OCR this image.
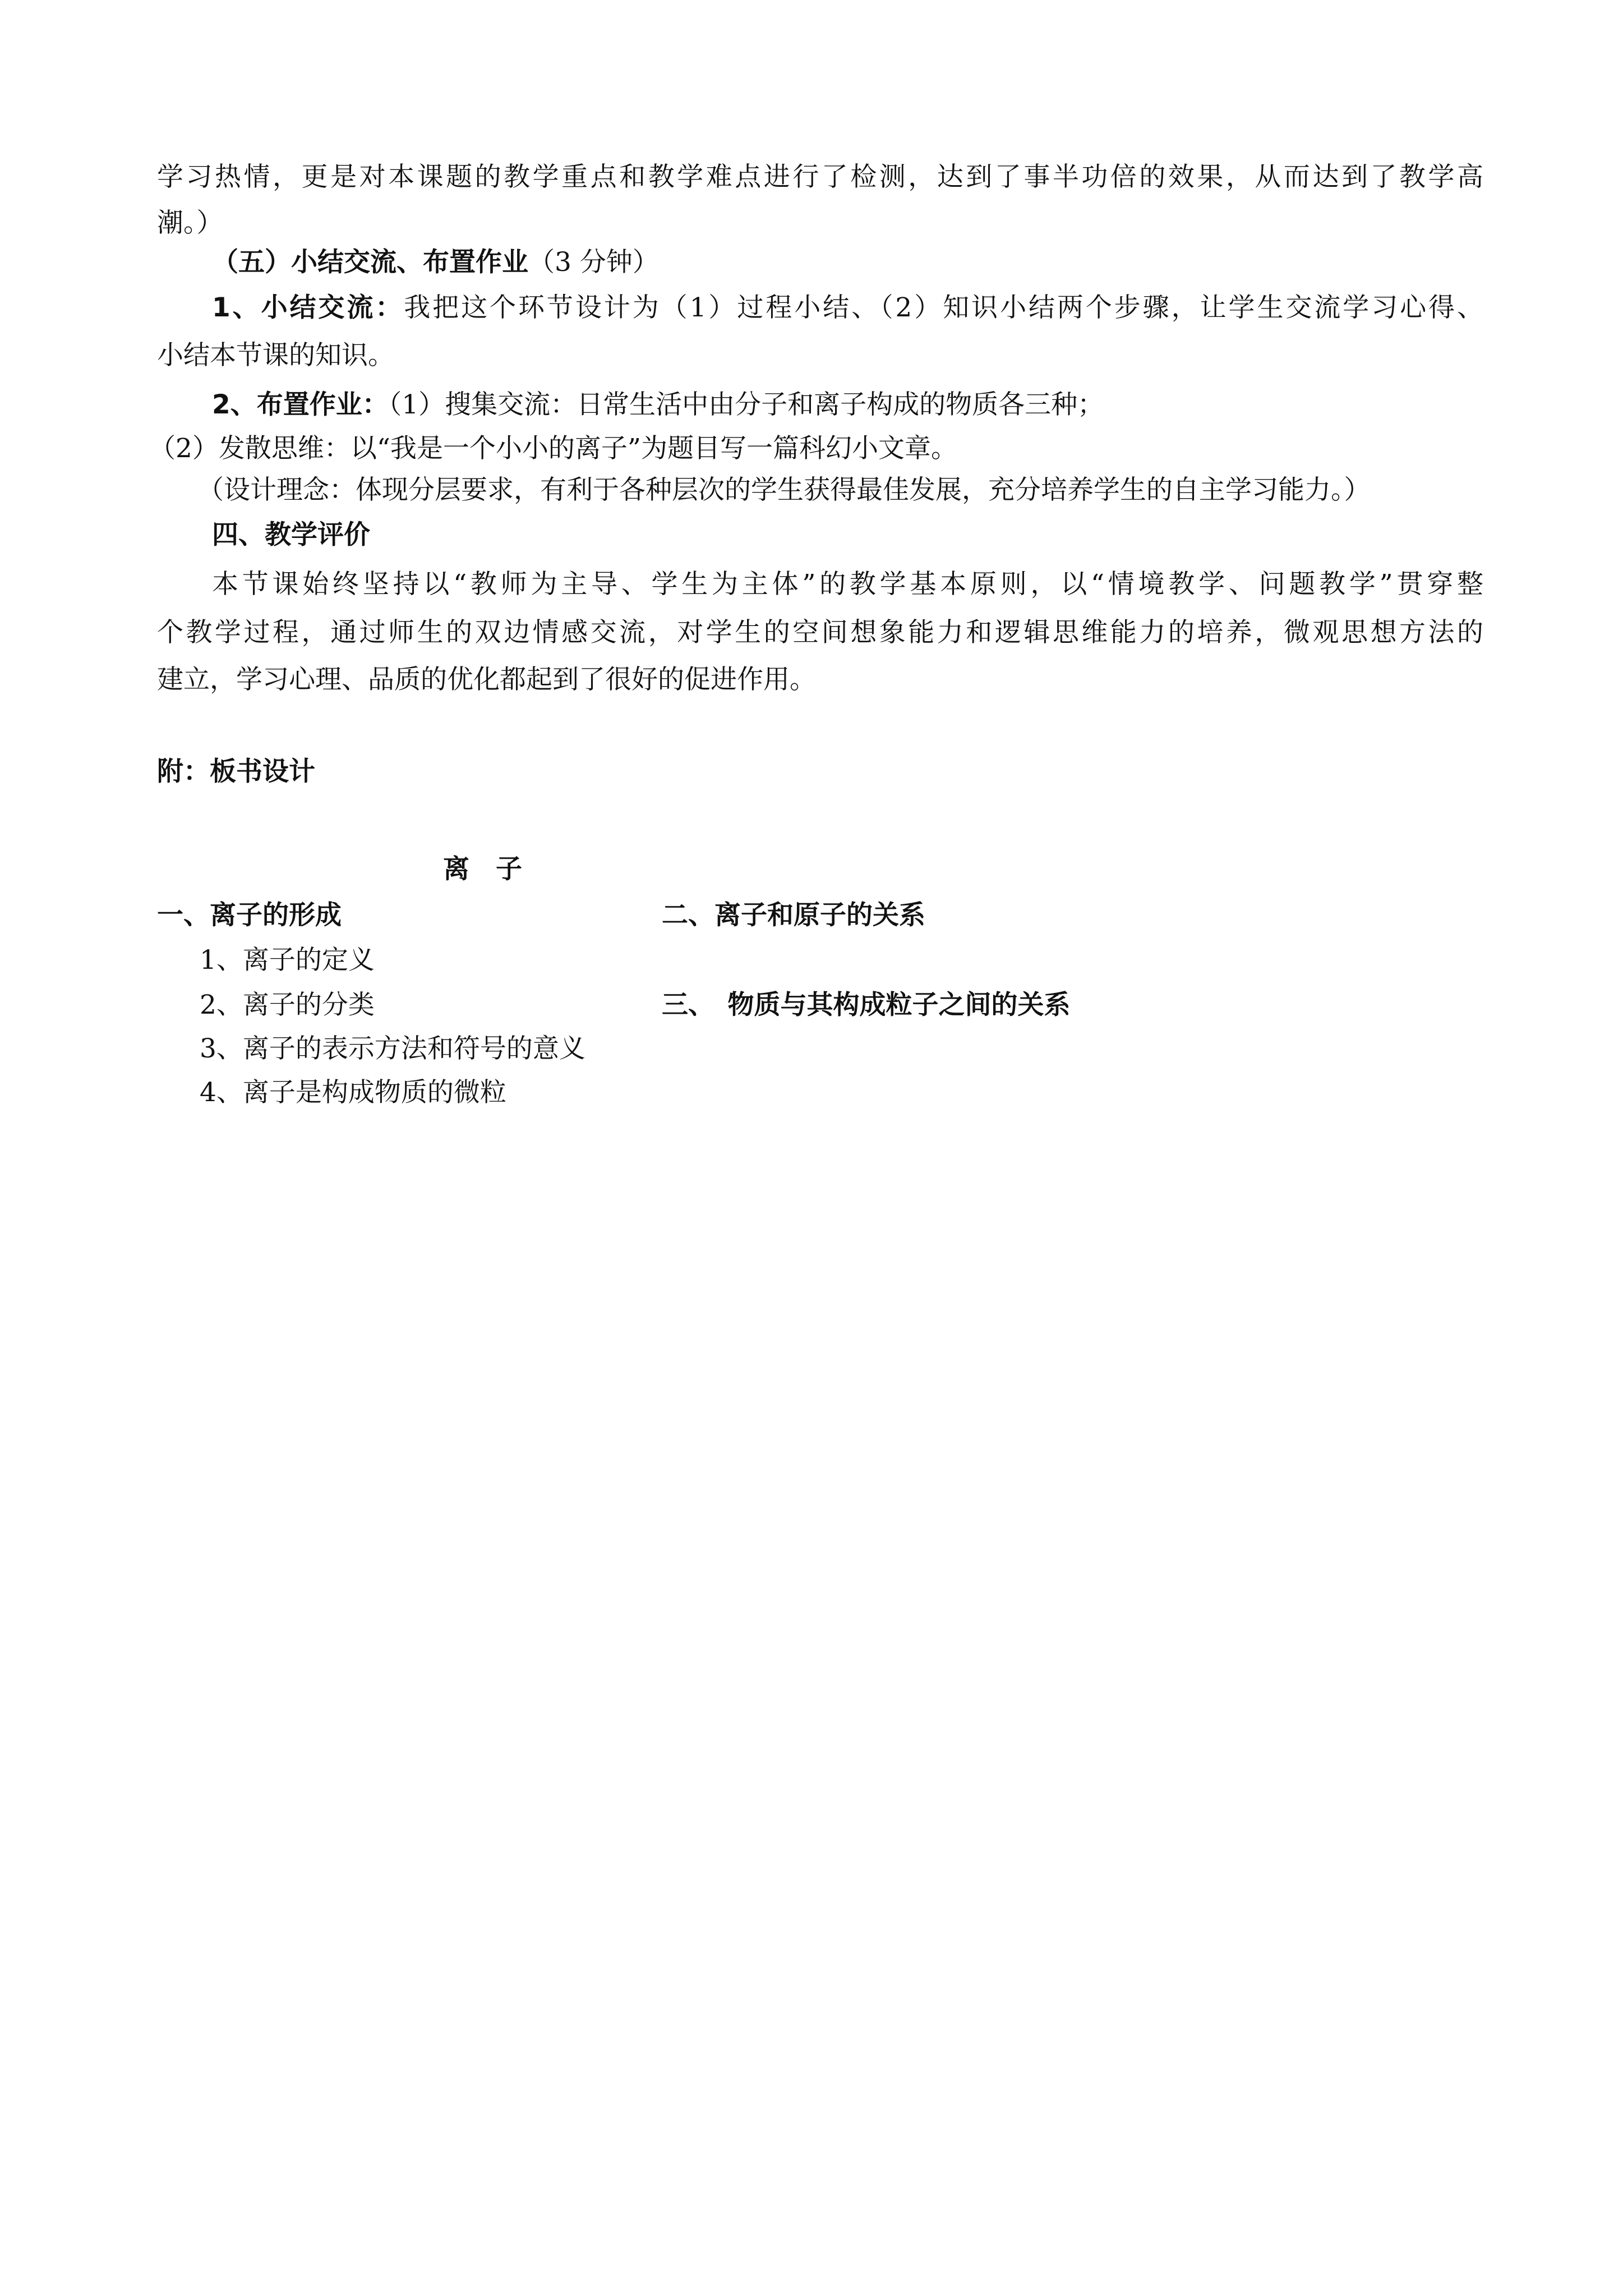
学习热情，更是对本课题的教学重点和教学难点进行了检测，达到了事半功倍的效果，从而达到了教学高
潮。）
（五）小结交流、布置作业（3 分钟）
1、小结交流：我把这个环节设计为（1）过程小结、（2）知识小结两个步骤，让学生交流学习心得、
小结本节课的知识。
2、布置作业：（1）搜集交流：日常生活中由分子和离子构成的物质各三种；
（2）发散思维：以“我是一个小小的离子”为题目写一篇科幻小文章。
（设计理念：体现分层要求，有利于各种层次的学生获得最佳发展，充分培养学生的自主学习能力。）
四、教学评价
本节课始终坚持以“教师为主导、学生为主体”的教学基本原则，以“情境教学、问题教学”贯穿整
个教学过程，通过师生的双边情感交流，对学生的空间想象能力和逻辑思维能力的培养，微观思想方法的
建立，学习心理、品质的优化都起到了很好的促进作用。
附：板书设计
离　子
一、离子的形成	二、离子和原子的关系
1、离子的定义
2、离子的分类	三、　物质与其构成粒子之间的关系
3、离子的表示方法和符号的意义
4、离子是构成物质的微粒
